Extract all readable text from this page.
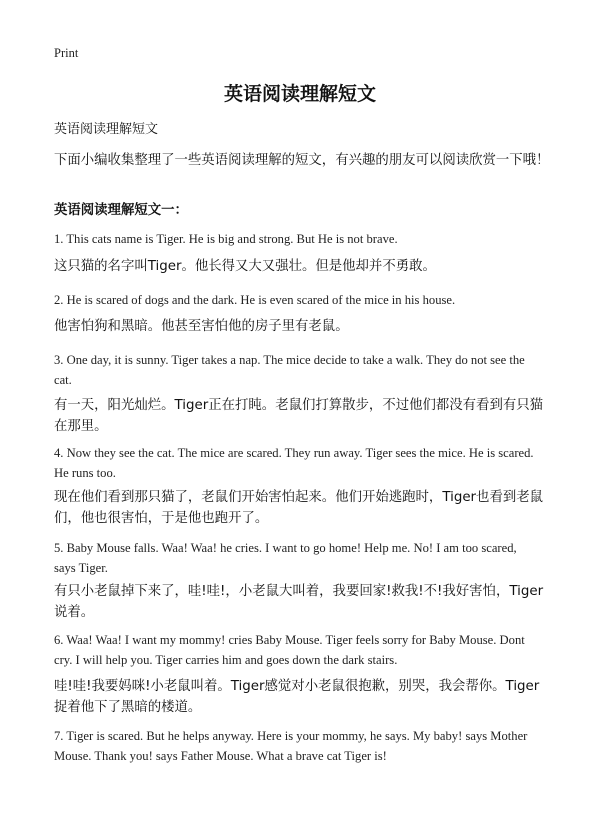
Print
英语阅读理解短文

英语阅读理解短文

下面小编收集整理了一些英语阅读理解的短文，有兴趣的朋友可以阅读欣赏一下哦！

英语阅读理解短文一：

1. This cats name is Tiger. He is big and strong. But He is not brave.

这只猫的名字叫Tiger。他长得又大又强壮。但是他却并不勇敢。

2. He is scared of dogs and the dark. He is even scared of the mice in his house.

他害怕狗和黑暗。他甚至害怕他的房子里有老鼠。

3. One day, it is sunny. Tiger takes a nap. The mice decide to take a walk. They do not see the cat.

有一天，阳光灿烂。Tiger正在打盹。老鼠们打算散步，不过他们都没有看到有只猫在那里。

4. Now they see the cat. The mice are scared. They run away. Tiger sees the mice. He is scared. He runs too.

现在他们看到那只猫了，老鼠们开始害怕起来。他们开始逃跑时，Tiger也看到老鼠们，他也很害怕，于是他也跑开了。

5. Baby Mouse falls. Waa! Waa! he cries. I want to go home! Help me. No! I am too scared, says Tiger.

有只小老鼠掉下来了，哇!哇!，小老鼠大叫着，我要回家!救我!不!我好害怕，Tiger说着。

6. Waa! Waa! I want my mommy! cries Baby Mouse. Tiger feels sorry for Baby Mouse. Dont cry. I will help you. Tiger carries him and goes down the dark stairs.

哇!哇!我要妈咪!小老鼠叫着。Tiger感觉对小老鼠很抱歉，别哭，我会帮你。Tiger捉着他下了黑暗的楼道。

7. Tiger is scared. But he helps anyway. Here is your mommy, he says. My baby! says Mother Mouse. Thank you! says Father Mouse. What a brave cat Tiger is!
